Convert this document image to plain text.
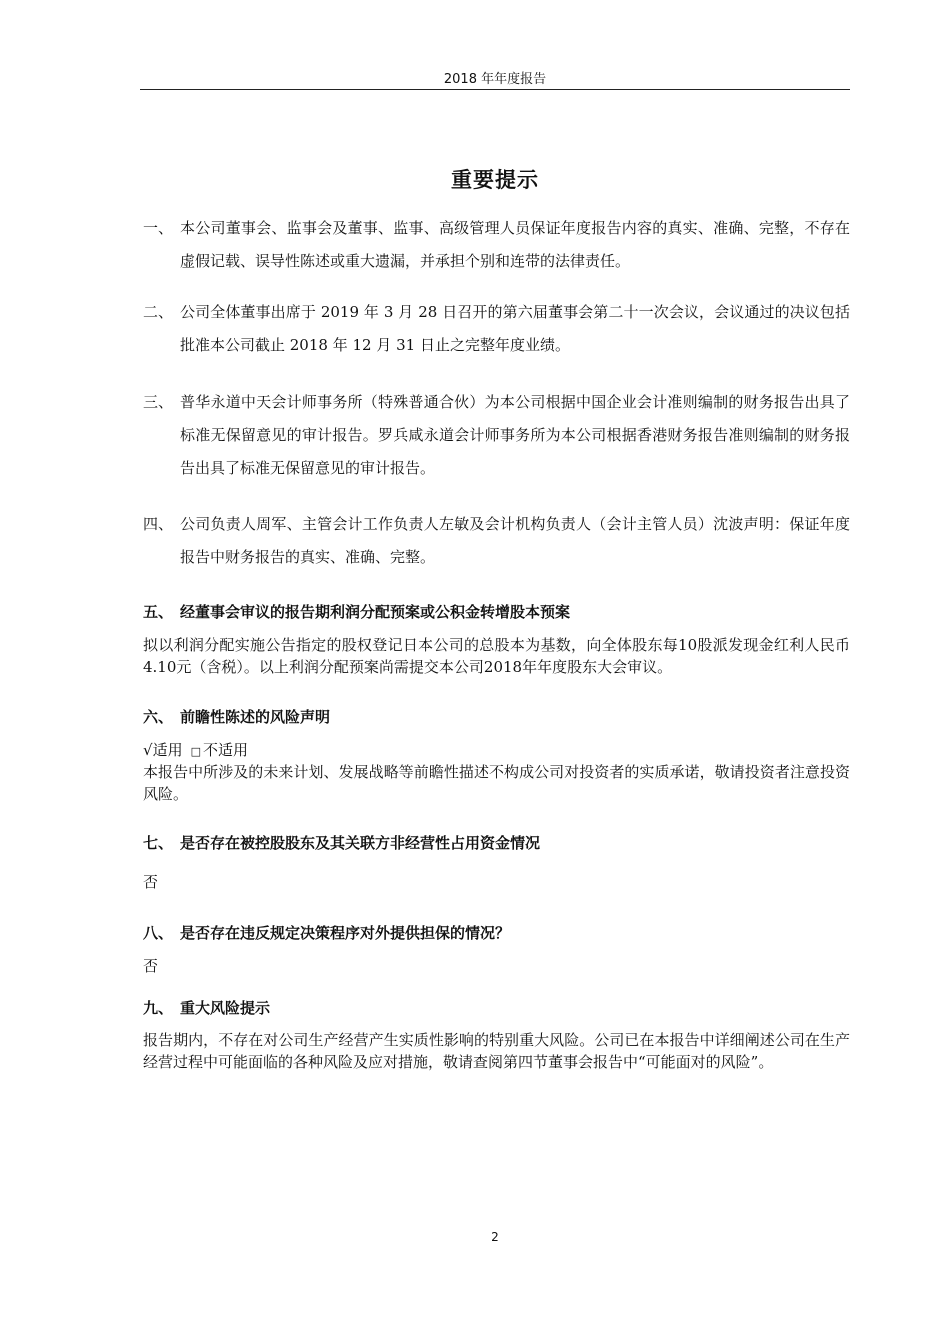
2018 年年度报告
重要提示
一、 本公司董事会、监事会及董事、监事、高级管理人员保证年度报告内容的真实、准确、完整，不存在虚假记载、误导性陈述或重大遗漏，并承担个别和连带的法律责任。
二、 公司全体董事出席于 2019 年 3 月 28 日召开的第六届董事会第二十一次会议，会议通过的决议包括批准本公司截止 2018 年 12 月 31 日止之完整年度业绩。
三、 普华永道中天会计师事务所（特殊普通合伙）为本公司根据中国企业会计准则编制的财务报告出具了标准无保留意见的审计报告。罗兵咸永道会计师事务所为本公司根据香港财务报告准则编制的财务报告出具了标准无保留意见的审计报告。
四、 公司负责人周军、主管会计工作负责人左敏及会计机构负责人（会计主管人员）沈波声明：保证年度报告中财务报告的真实、准确、完整。
五、 经董事会审议的报告期利润分配预案或公积金转增股本预案
拟以利润分配实施公告指定的股权登记日本公司的总股本为基数，向全体股东每10股派发现金红利人民币4.10元（含税）。以上利润分配预案尚需提交本公司2018年年度股东大会审议。
六、 前瞻性陈述的风险声明
√适用 □ 不适用
本报告中所涉及的未来计划、发展战略等前瞻性描述不构成公司对投资者的实质承诺，敬请投资者注意投资风险。
七、 是否存在被控股股东及其关联方非经营性占用资金情况
否
八、 是否存在违反规定决策程序对外提供担保的情况？
否
九、 重大风险提示
报告期内，不存在对公司生产经营产生实质性影响的特别重大风险。公司已在本报告中详细阐述公司在生产经营过程中可能面临的各种风险及应对措施，敬请查阅第四节董事会报告中“可能面对的风险”。
2
